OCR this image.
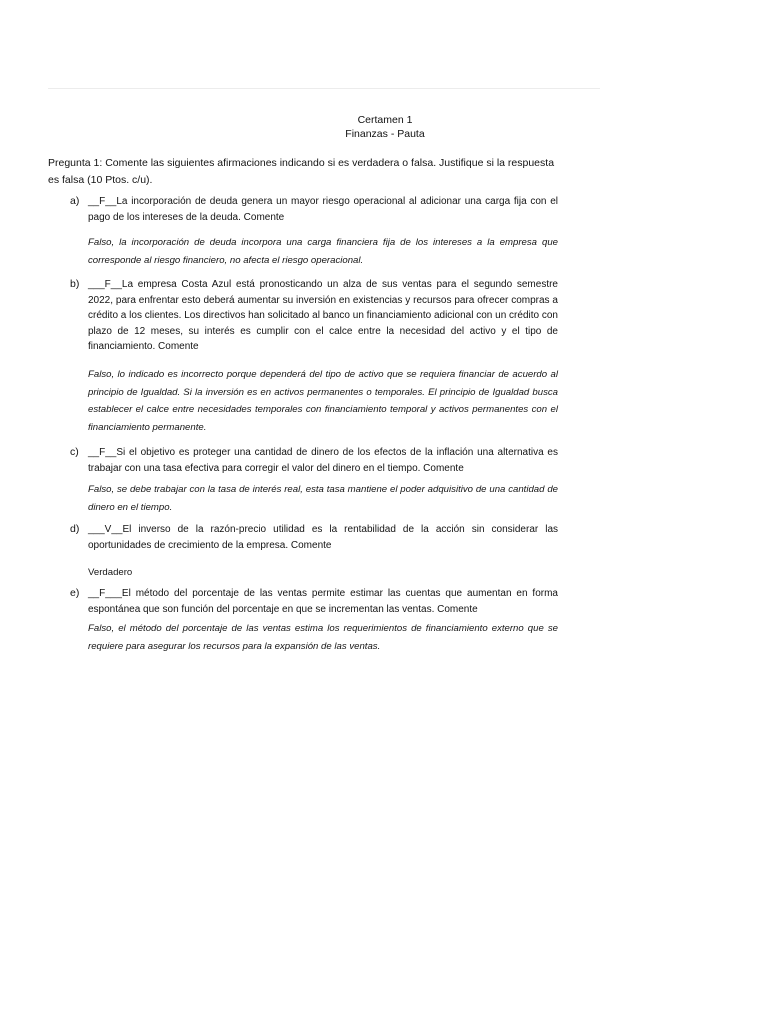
Certamen 1
Finanzas - Pauta
Pregunta 1: Comente las siguientes afirmaciones indicando si es verdadera o falsa. Justifique si la respuesta es falsa (10 Ptos. c/u).
a) __F__La incorporación de deuda genera un mayor riesgo operacional al adicionar una carga fija con el pago de los intereses de la deuda. Comente
Falso, la incorporación de deuda incorpora una carga financiera fija de los intereses a la empresa que corresponde al riesgo financiero, no afecta el riesgo operacional.
b) ___F__La empresa Costa Azul está pronosticando un alza de sus ventas para el segundo semestre 2022, para enfrentar esto deberá aumentar su inversión en existencias y recursos para ofrecer compras a crédito a los clientes. Los directivos han solicitado al banco un financiamiento adicional con un crédito con plazo de 12 meses, su interés es cumplir con el calce entre la necesidad del activo y el tipo de financiamiento. Comente
Falso, lo indicado es incorrecto porque dependerá del tipo de activo que se requiera financiar de acuerdo al principio de Igualdad. Si la inversión es en activos permanentes o temporales. El principio de Igualdad busca establecer el calce entre necesidades temporales con financiamiento temporal y activos permanentes con el financiamiento permanente.
c) __F__Si el objetivo es proteger una cantidad de dinero de los efectos de la inflación una alternativa es trabajar con una tasa efectiva para corregir el valor del dinero en el tiempo. Comente
Falso, se debe trabajar con la tasa de interés real, esta tasa mantiene el poder adquisitivo de una cantidad de dinero en el tiempo.
d) ___V__El inverso de la razón-precio utilidad es la rentabilidad de la acción sin considerar las oportunidades de crecimiento de la empresa. Comente
Verdadero
e) __F___El método del porcentaje de las ventas permite estimar las cuentas que aumentan en forma espontánea que son función del porcentaje en que se incrementan las ventas. Comente
Falso, el método del porcentaje de las ventas estima los requerimientos de financiamiento externo que se requiere para asegurar los recursos para la expansión de las ventas.
